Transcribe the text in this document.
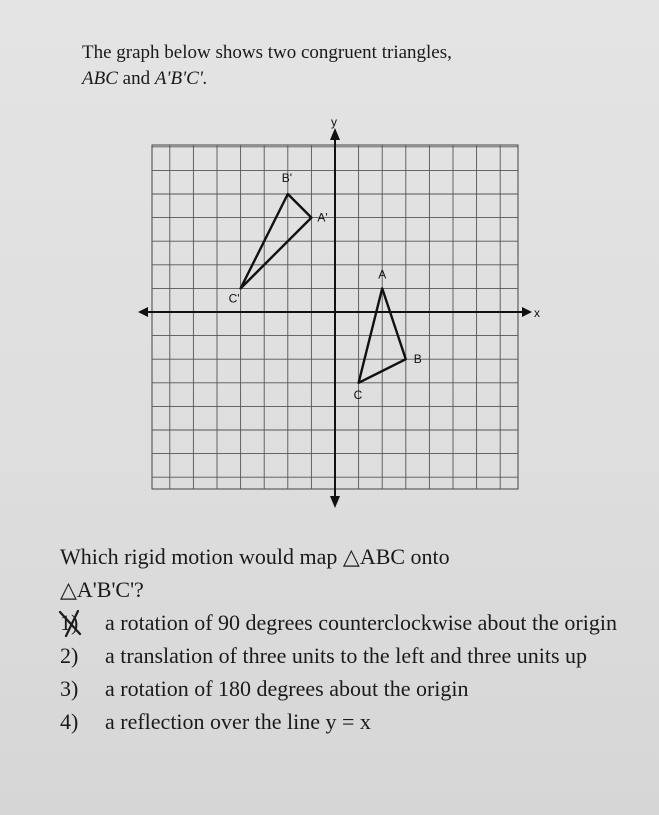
The graph below shows two congruent triangles,
ABC and A'B'C'.
x
y
A
B
C
A'
B'
C'
Which rigid motion would map △ABC onto
△A'B'C'?
1)	a rotation of 90 degrees counterclockwise about the origin
2)	a translation of three units to the left and three units up
3)	a rotation of 180 degrees about the origin
4)	a reflection over the line y = x
